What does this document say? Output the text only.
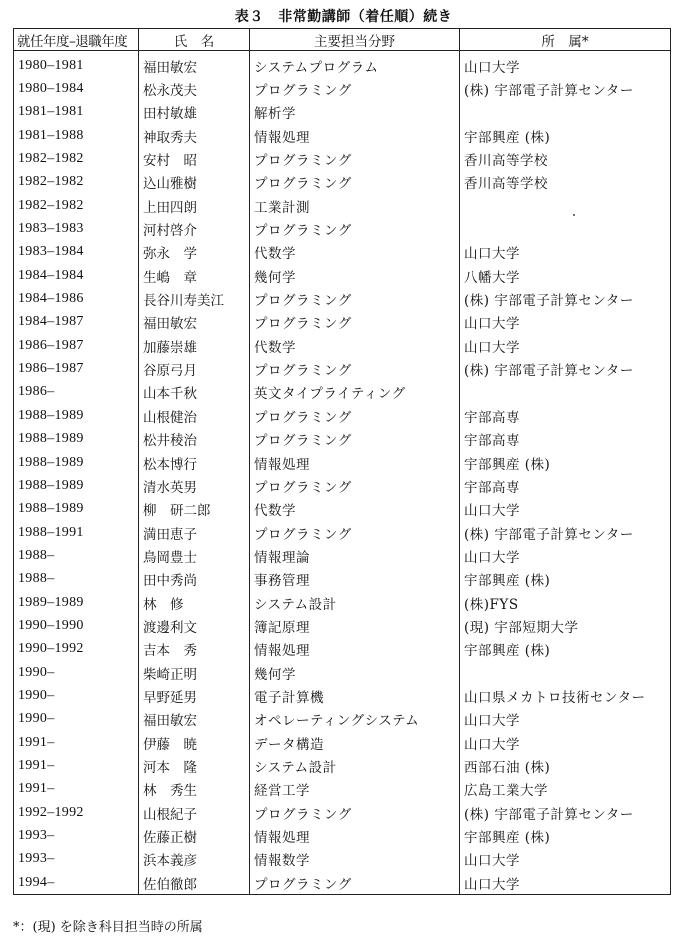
表３　非常勤講師（着任順）続き
就任年度–退職年度	氏　名	主要担当分野	所　属*
1980–1981	福田敏宏	システムプログラム	山口大学
1980–1984	松永茂夫	プログラミング	(株) 宇部電子計算センター
1981–1981	田村敏雄	解析学	
1981–1988	神取秀夫	情報処理	宇部興産 (株)
1982–1982	安村　昭	プログラミング	香川高等学校
1982–1982	込山雅樹	プログラミング	香川高等学校
1982–1982	上田四朗	工業計測	
1983–1983	河村啓介	プログラミング	
1983–1984	弥永　学	代数学	山口大学
1984–1984	生嶋　章	幾何学	八幡大学
1984–1986	長谷川寿美江	プログラミング	(株) 宇部電子計算センター
1984–1987	福田敏宏	プログラミング	山口大学
1986–1987	加藤崇雄	代数学	山口大学
1986–1987	谷原弓月	プログラミング	(株) 宇部電子計算センター
1986–	山本千秋	英文タイプライティング	
1988–1989	山根健治	プログラミング	宇部高専
1988–1989	松井稜治	プログラミング	宇部高専
1988–1989	松本博行	情報処理	宇部興産 (株)
1988–1989	清水英男	プログラミング	宇部高専
1988–1989	柳　研二郎	代数学	山口大学
1988–1991	満田恵子	プログラミング	(株) 宇部電子計算センター
1988–	鳥岡豊士	情報理論	山口大学
1988–	田中秀尚	事務管理	宇部興産 (株)
1989–1989	林　修	システム設計	(株)FYS
1990–1990	渡邊利文	簿記原理	(現) 宇部短期大学
1990–1992	吉本　秀	情報処理	宇部興産 (株)
1990–	柴崎正明	幾何学	
1990–	早野延男	電子計算機	山口県メカトロ技術センター
1990–	福田敏宏	オペレーティングシステム	山口大学
1991–	伊藤　暁	データ構造	山口大学
1991–	河本　隆	システム設計	西部石油 (株)
1991–	林　秀生	経営工学	広島工業大学
1992–1992	山根紀子	プログラミング	(株) 宇部電子計算センター
1993–	佐藤正樹	情報処理	宇部興産 (株)
1993–	浜本義彦	情報数学	山口大学
1994–	佐伯徹郎	プログラミング	山口大学
*：(現) を除き科目担当時の所属
